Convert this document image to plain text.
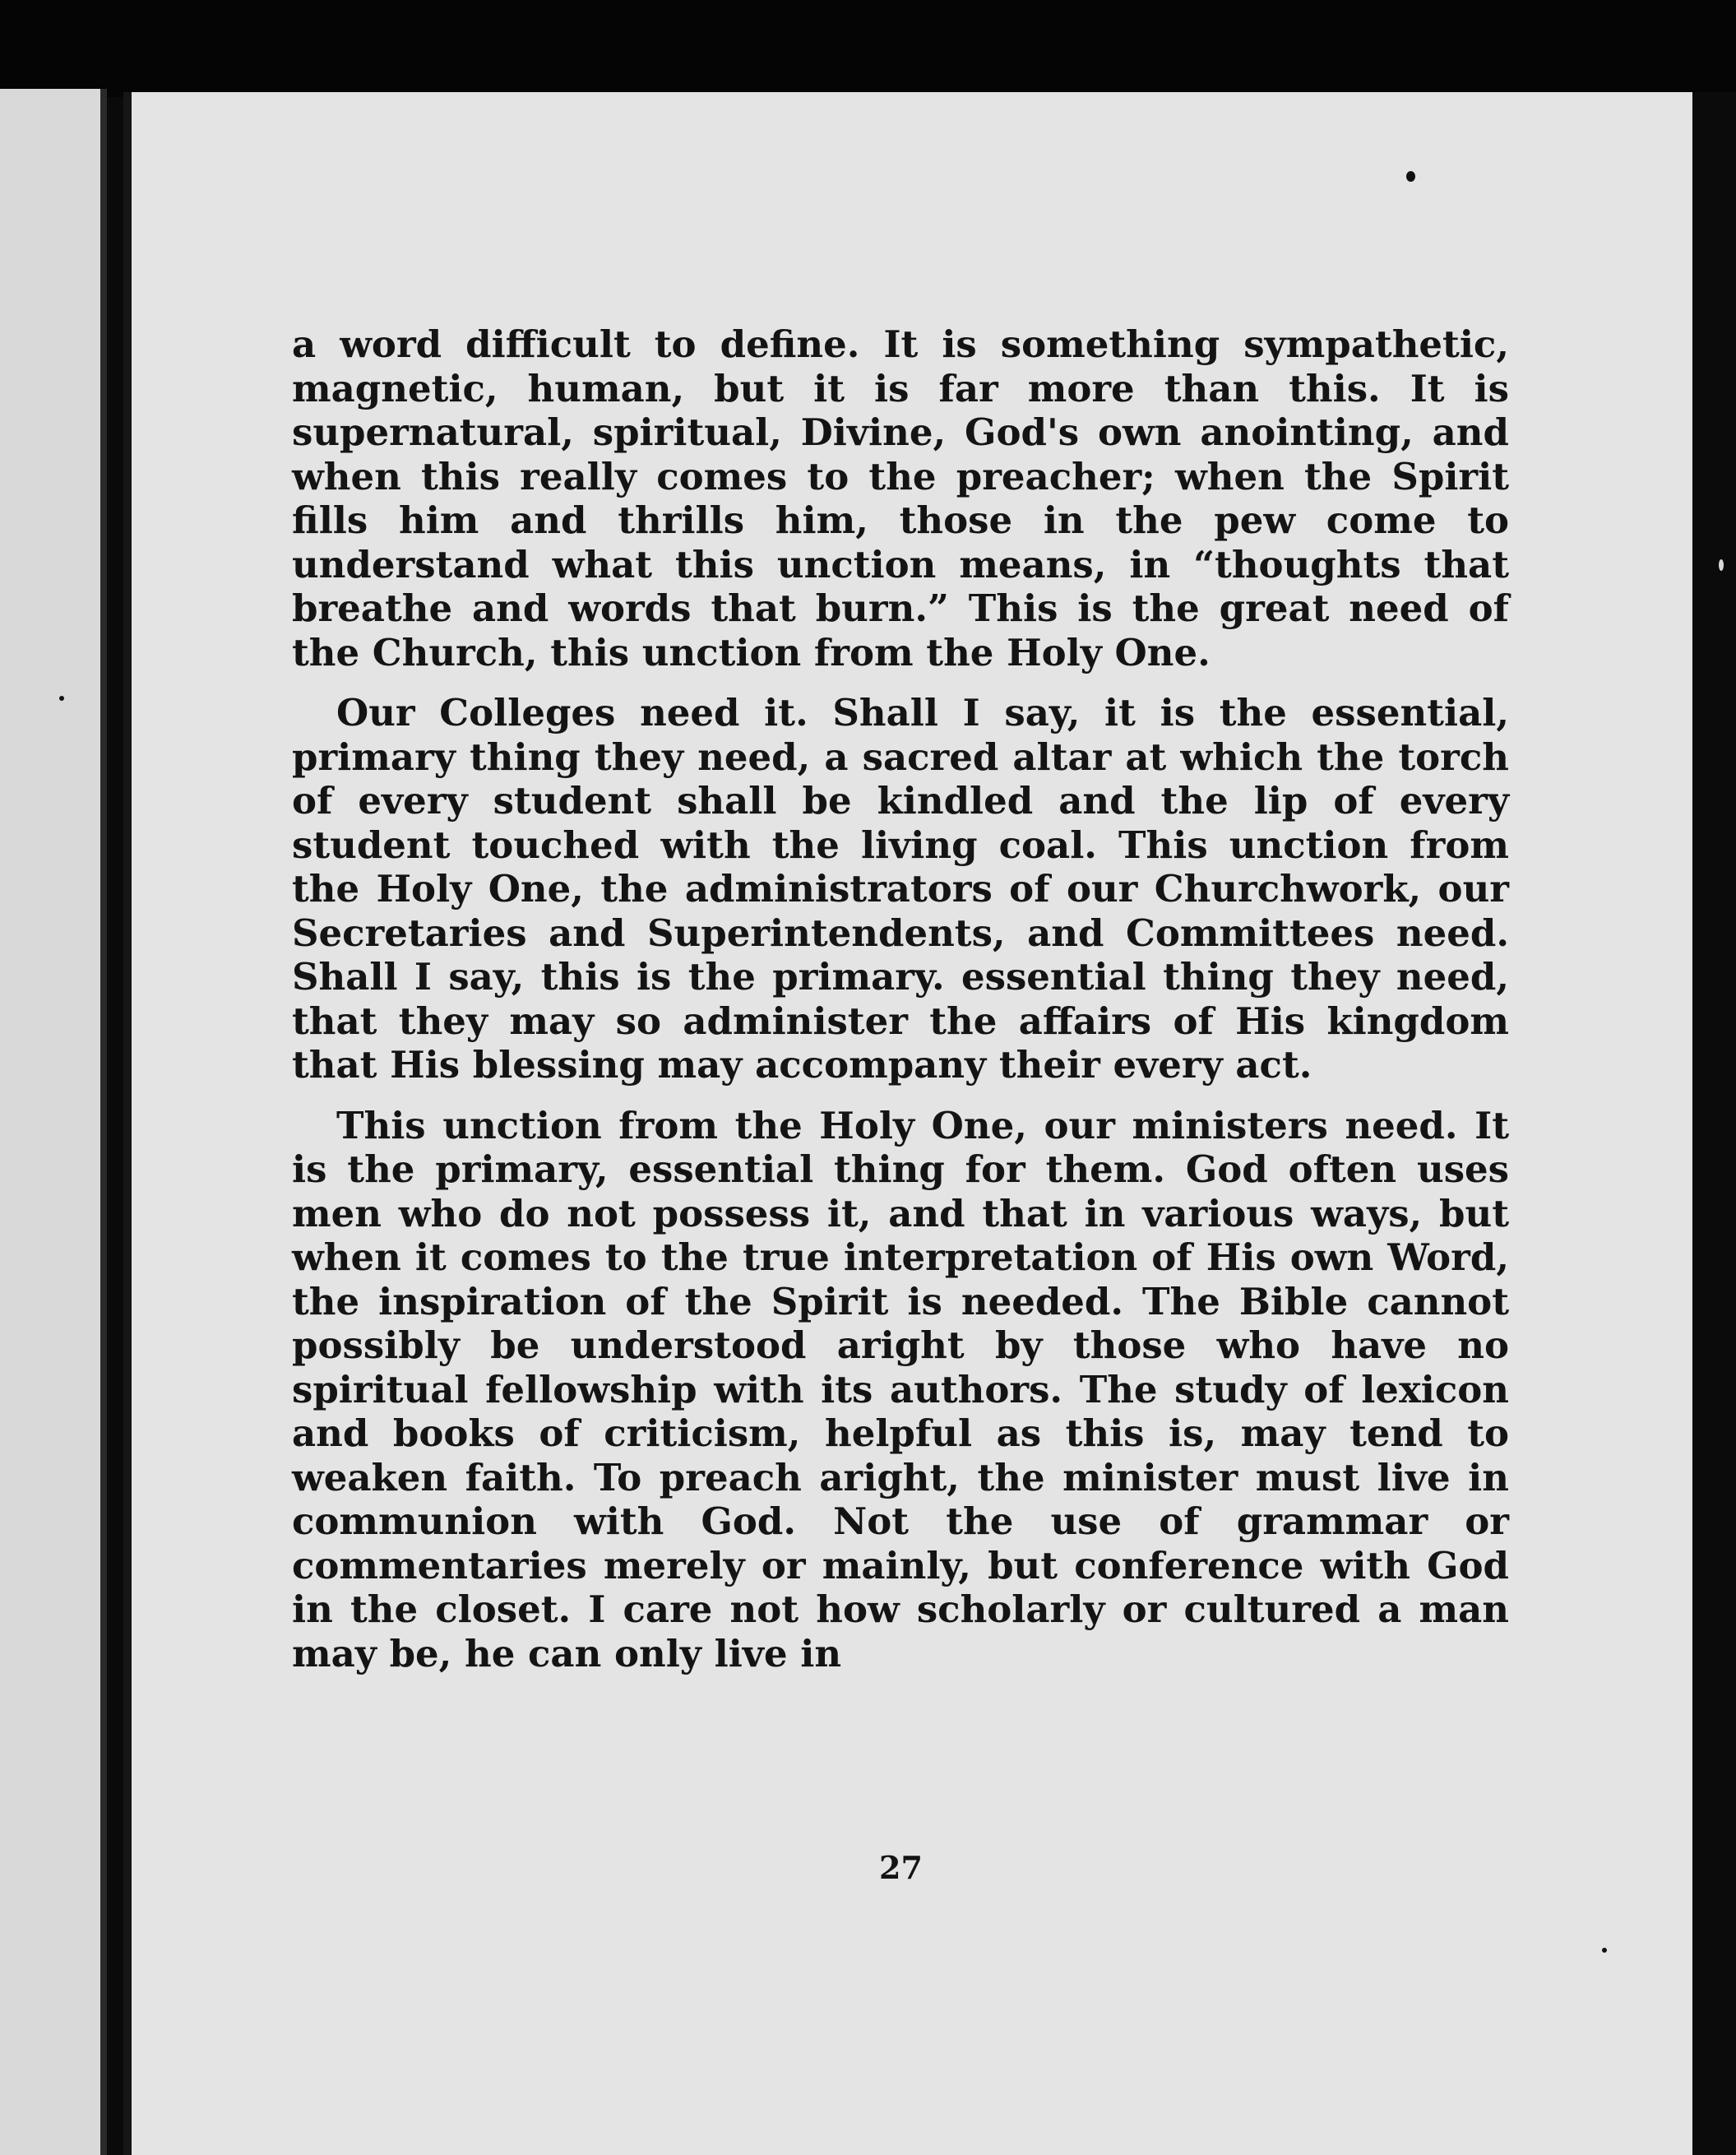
a word difficult to define. It is something sympathetic, magnetic, human, but it is far more than this. It is supernatural, spiritual, Divine, God's own anointing, and when this really comes to the preacher; when the Spirit fills him and thrills him, those in the pew come to understand what this unction means, in “thoughts that breathe and words that burn.” This is the great need of the Church, this unction from the Holy One.

Our Colleges need it. Shall I say, it is the essential, primary thing they need, a sacred altar at which the torch of every student shall be kindled and the lip of every student touched with the living coal. This unction from the Holy One, the administrators of our Churchwork, our Secretaries and Superintendents, and Committees need. Shall I say, this is the primary. essential thing they need, that they may so administer the affairs of His kingdom that His blessing may accompany their every act.

This unction from the Holy One, our ministers need. It is the primary, essential thing for them. God often uses men who do not possess it, and that in various ways, but when it comes to the true interpretation of His own Word, the inspiration of the Spirit is needed. The Bible cannot possibly be understood aright by those who have no spiritual fellowship with its authors. The study of lexicon and books of criticism, helpful as this is, may tend to weaken faith. To preach aright, the minister must live in communion with God. Not the use of grammar or commentaries merely or mainly, but conference with God in the closet. I care not how scholarly or cultured a man may be, he can only live in

27
